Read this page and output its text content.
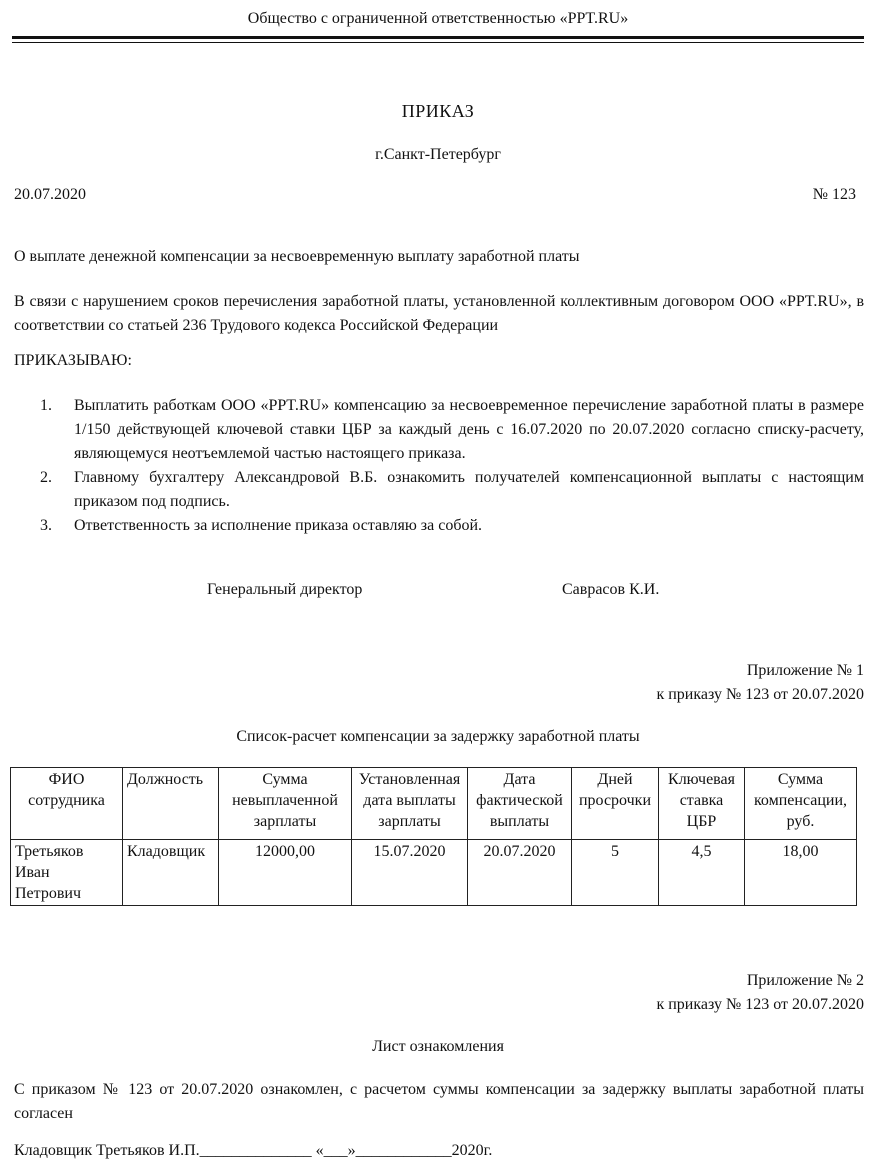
Общество с ограниченной ответственностью «PPT.RU»
ПРИКАЗ
г.Санкт-Петербург
20.07.2020	№ 123
О выплате денежной компенсации за несвоевременную выплату заработной платы
В связи с нарушением сроков перечисления заработной платы, установленной коллективным договором ООО «PPT.RU», в соответствии со статьей 236 Трудового кодекса Российской Федерации
ПРИКАЗЫВАЮ:
1. Выплатить работкам ООО «PPT.RU» компенсацию за несвоевременное перечисление заработной платы в размере 1/150 действующей ключевой ставки ЦБР за каждый день с 16.07.2020 по 20.07.2020 согласно списку-расчету, являющемуся неотъемлемой частью настоящего приказа.
2. Главному бухгалтеру Александровой В.Б. ознакомить получателей компенсационной выплаты с настоящим приказом под подпись.
3. Ответственность за исполнение приказа оставляю за собой.
Генеральный директор	Саврасов К.И.
Приложение № 1
к приказу № 123 от 20.07.2020
Список-расчет компенсации за задержку заработной платы
ФИО сотрудника	Должность	Сумма невыплаченной зарплаты	Установленная дата выплаты зарплаты	Дата фактической выплаты	Дней просрочки	Ключевая ставка ЦБР	Сумма компенсации, руб.
Третьяков Иван Петрович	Кладовщик	12000,00	15.07.2020	20.07.2020	5	4,5	18,00
Приложение № 2
к приказу № 123 от 20.07.2020
Лист ознакомления
С приказом № 123 от 20.07.2020 ознакомлен, с расчетом суммы компенсации за задержку выплаты заработной платы согласен
Кладовщик Третьяков И.П.______________ «___»____________2020г.
